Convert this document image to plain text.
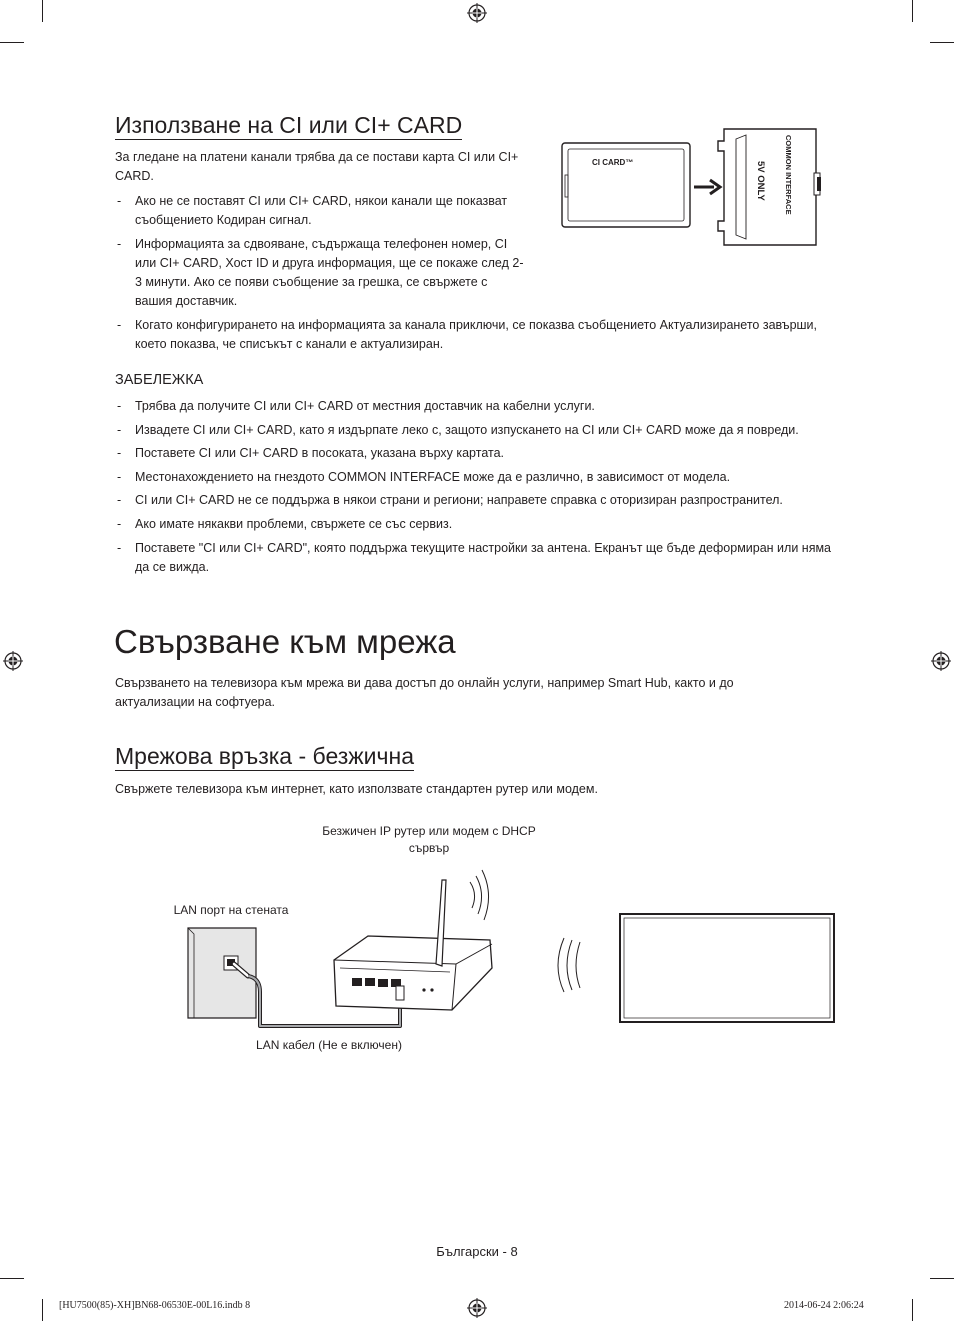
Използване на CI или CI+ CARD

За гледане на платени канали трябва да се постави карта CI или CI+ CARD.

- Ако не се поставят CI или CI+ CARD, някои канали ще показват съобщението Кодиран сигнал.
- Информацията за сдвояване, съдържаща телефонен номер, CI или CI+ CARD, Хост ID и друга информация, ще се покаже след 2-3 минути. Ако се появи съобщение за грешка, се свържете с вашия доставчик.
- Когато конфигурирането на информацията за канала приключи, се показва съобщението Актуализирането завърши, което показва, че списъкът с канали е актуализиран.
CI CARD™	COMMON INTERFACE
5V ONLY

ЗАБЕЛЕЖКА

- Трябва да получите CI или CI+ CARD от местния доставчик на кабелни услуги.
- Извадете CI или CI+ CARD, като я издърпате леко с, защото изпускането на CI или CI+ CARD може да я повреди.
- Поставете CI или CI+ CARD в посоката, указана върху картата.
- Местонахождението на гнездото COMMON INTERFACE може да е различно, в зависимост от модела.
- CI или CI+ CARD не се поддържа в някои страни и региони; направете справка с оторизиран разпространител.
- Ако имате някакви проблеми, свържете се със сервиз.
- Поставете "CI или CI+ CARD", която поддържа текущите настройки за антена. Екранът ще бъде деформиран или няма да се вижда.
Свързване към мрежа

Свързването на телевизора към мрежа ви дава достъп до онлайн услуги, например Smart Hub, както и до актуализации на софтуера.

Мрежова връзка - безжична

Свържете телевизора към интернет, като използвате стандартен рутер или модем.

Безжичен IP рутер или модем с DHCP сървър
LAN порт на стената
LAN кабел (Не е включен)
Български - 8
[HU7500(85)-XH]BN68-06530E-00L16.indb 8	2014-06-24 2:06:24
